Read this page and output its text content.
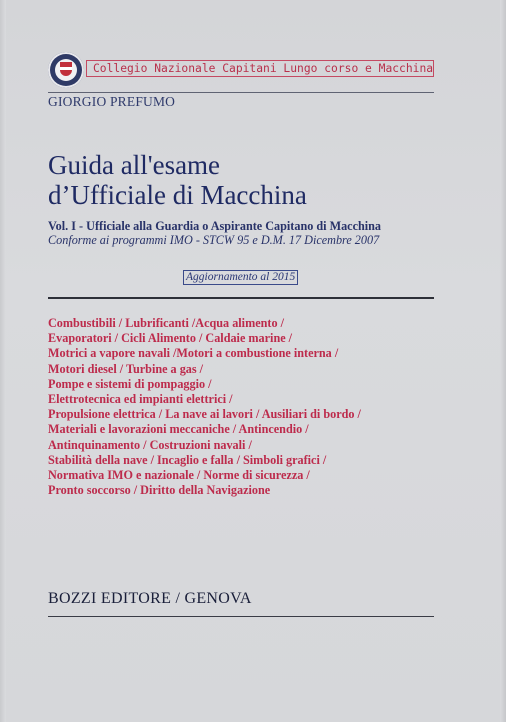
Collegio Nazionale Capitani Lungo corso e Macchina
GIORGIO PREFUMO
Guida all'esame
d’Ufficiale di Macchina
Vol. I - Ufficiale alla Guardia o Aspirante Capitano di Macchina
Conforme ai programmi IMO - STCW 95 e D.M. 17 Dicembre 2007
Aggiornamento al 2015
Combustibili / Lubrificanti /Acqua alimento /
Evaporatori / Cicli Alimento / Caldaie marine /
Motrici a vapore navali /Motori a combustione interna /
Motori diesel / Turbine a gas /
Pompe e sistemi di pompaggio /
Elettrotecnica ed impianti elettrici /
Propulsione elettrica / La nave ai lavori / Ausiliari di bordo /
Materiali e lavorazioni meccaniche / Antincendio /
Antinquinamento / Costruzioni navali /
Stabilità della nave / Incaglio e falla / Simboli grafici /
Normativa IMO e nazionale / Norme di sicurezza /
Pronto soccorso / Diritto della Navigazione
BOZZI EDITORE / GENOVA
